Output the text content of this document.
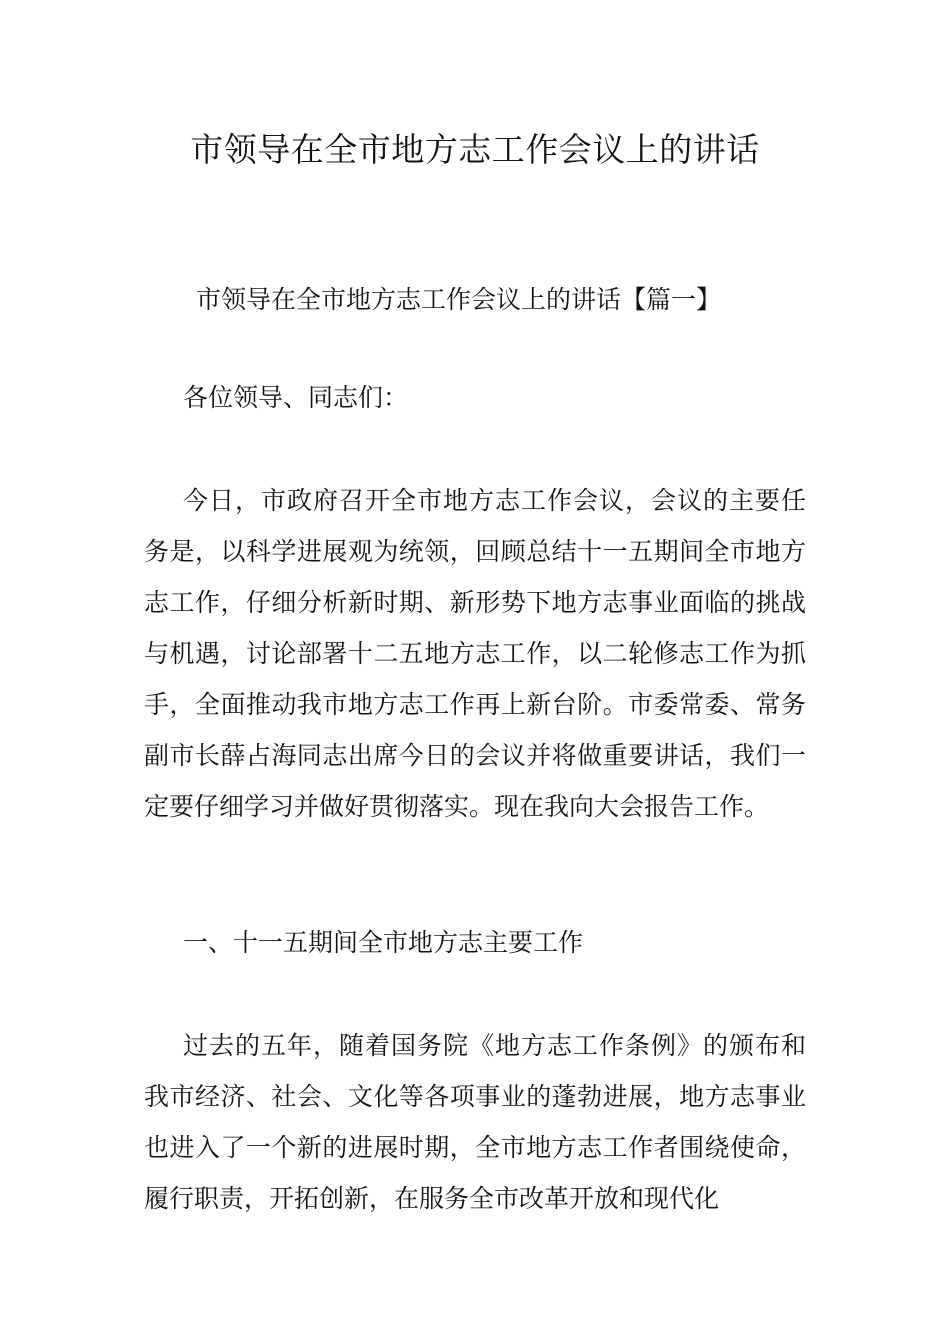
市领导在全市地方志工作会议上的讲话

市领导在全市地方志工作会议上的讲话【篇一】

各位领导、同志们：

今日，市政府召开全市地方志工作会议，会议的主要任务是，以科学进展观为统领，回顾总结十一五期间全市地方志工作，仔细分析新时期、新形势下地方志事业面临的挑战与机遇，讨论部署十二五地方志工作，以二轮修志工作为抓手，全面推动我市地方志工作再上新台阶。市委常委、常务副市长薛占海同志出席今日的会议并将做重要讲话，我们一定要仔细学习并做好贯彻落实。现在我向大会报告工作。

一、十一五期间全市地方志主要工作

过去的五年，随着国务院《地方志工作条例》的颁布和我市经济、社会、文化等各项事业的蓬勃进展，地方志事业也进入了一个新的进展时期，全市地方志工作者围绕使命，履行职责，开拓创新，在服务全市改革开放和现代化
